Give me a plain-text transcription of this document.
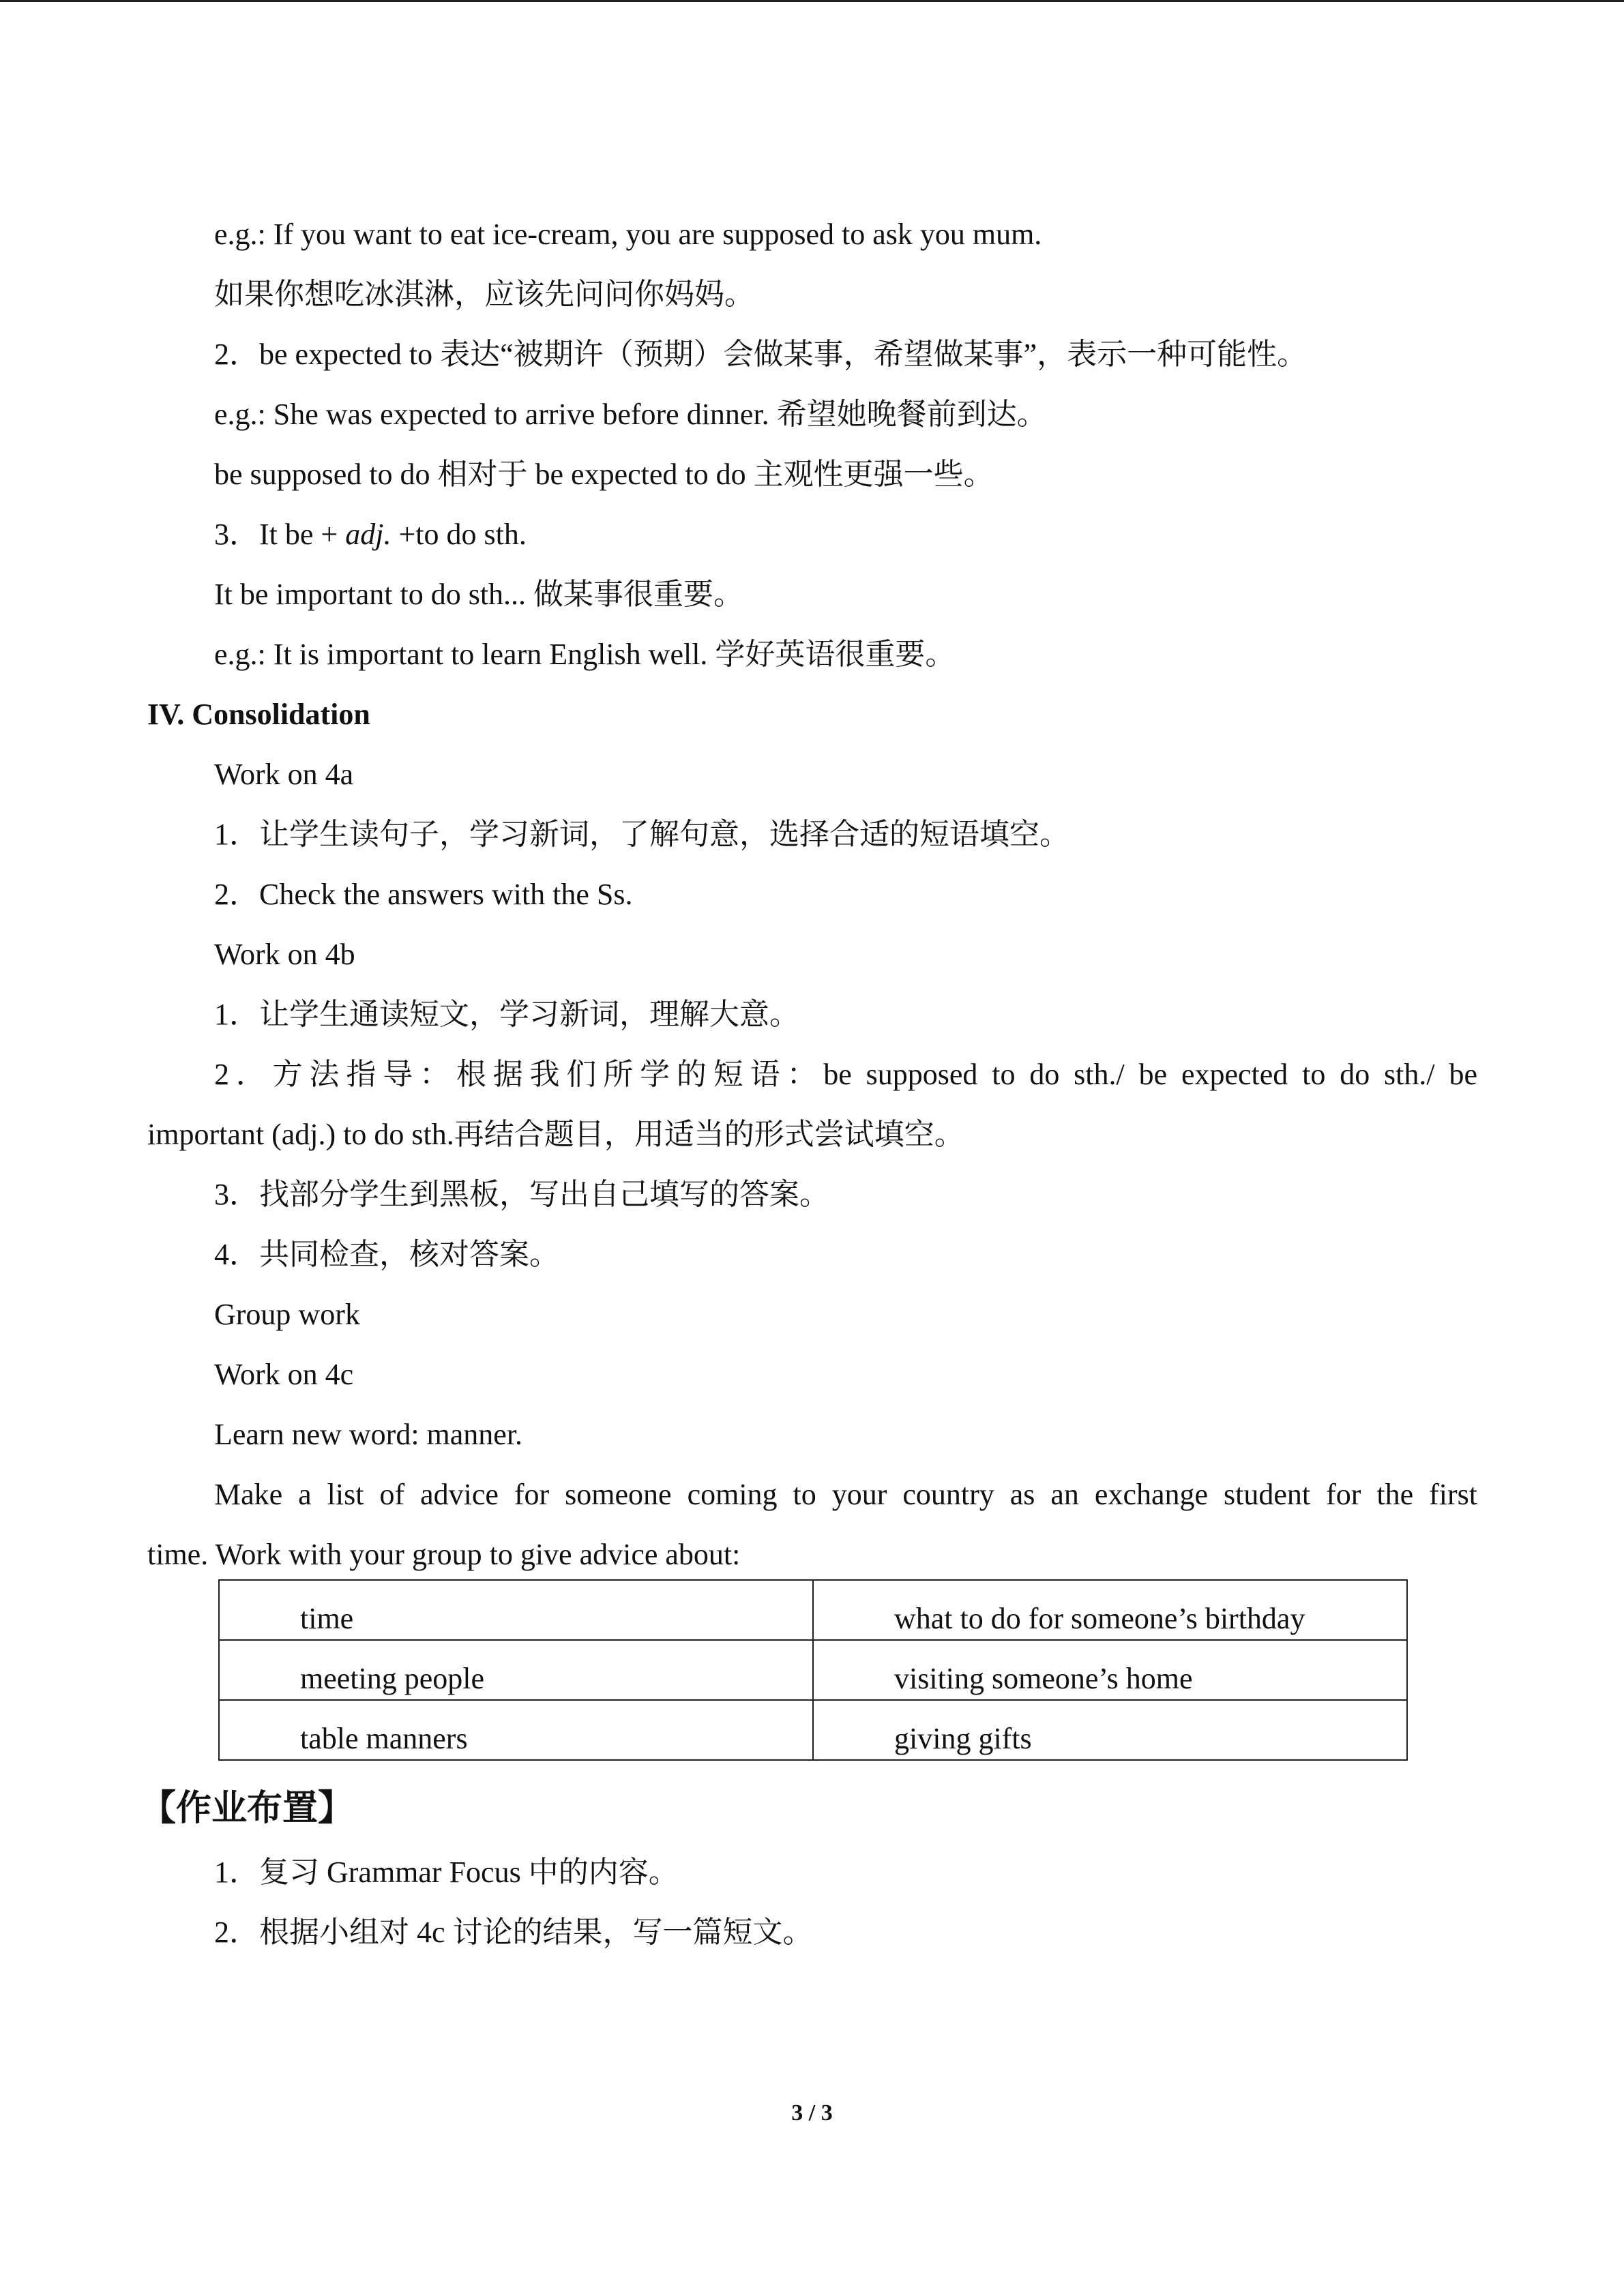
e.g.: If you want to eat ice-cream, you are supposed to ask you mum.

如果你想吃冰淇淋，应该先问问你妈妈。

2．be expected to 表达“被期许（预期）会做某事，希望做某事”，表示一种可能性。

e.g.: She was expected to arrive before dinner. 希望她晚餐前到达。

be supposed to do 相对于 be expected to do 主观性更强一些。

3．It be + adj. +to do sth.

It be important to do sth... 做某事很重要。

e.g.: It is important to learn English well. 学好英语很重要。

IV. Consolidation

Work on 4a

1．让学生读句子，学习新词，了解句意，选择合适的短语填空。

2．Check the answers with the Ss.

Work on 4b

1．让学生通读短文，学习新词，理解大意。

2．方法指导：根据我们所学的短语：be supposed to do sth./ be expected to do sth./ be

important (adj.) to do sth.再结合题目，用适当的形式尝试填空。

3．找部分学生到黑板，写出自己填写的答案。

4．共同检查，核对答案。

Group work

Work on 4c

Learn new word: manner.

Make a list of advice for someone coming to your country as an exchange student for the first

time. Work with your group to give advice about:

time	what to do for someone’s birthday
meeting people	visiting someone’s home
table manners	giving gifts

【作业布置】

1．复习 Grammar Focus 中的内容。

2．根据小组对 4c 讨论的结果，写一篇短文。

3 / 3
